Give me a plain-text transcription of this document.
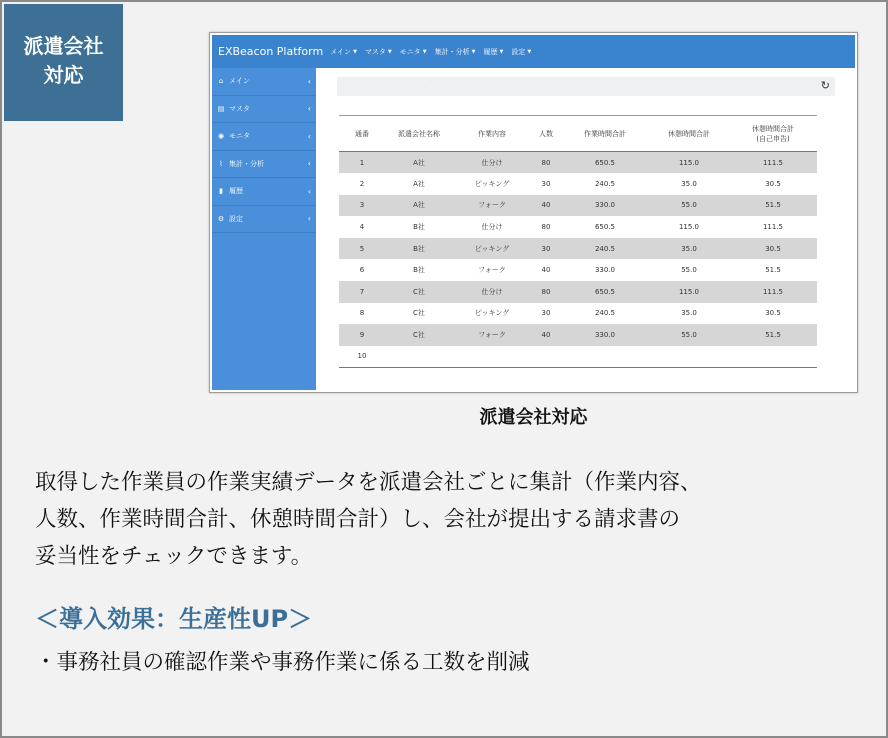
派遣会社
対応
EXBeacon Platform メイン ▼ マスタ ▼ モニタ ▼ 集計・分析 ▼ 履歴 ▼ 設定 ▼
⌂ メイン	‹
▤ マスタ	‹
◉ モニタ	‹
⌇ 集計・分析	‹
▮ 履歴	‹
⚙ 設定	‹
·	↻
通番	派遣会社名称	作業内容	人数	作業時間合計	休憩時間合計	休憩時間合計
(自己申告)
1	A社	仕分け	80	650.5	115.0	111.5
2	A社	ピッキング	30	240.5	35.0	30.5
3	A社	フォーク	40	330.0	55.0	51.5
4	B社	仕分け	80	650.5	115.0	111.5
5	B社	ピッキング	30	240.5	35.0	30.5
6	B社	フォーク	40	330.0	55.0	51.5
7	C社	仕分け	80	650.5	115.0	111.5
8	C社	ピッキング	30	240.5	35.0	30.5
9	C社	フォーク	40	330.0	55.0	51.5
10						
派遣会社対応
取得した作業員の作業実績データを派遣会社ごとに集計（作業内容、
人数、作業時間合計、休憩時間合計）し、会社が提出する請求書の
妥当性をチェックできます。
＜導入効果：生産性UP＞
・事務社員の確認作業や事務作業に係る工数を削減
